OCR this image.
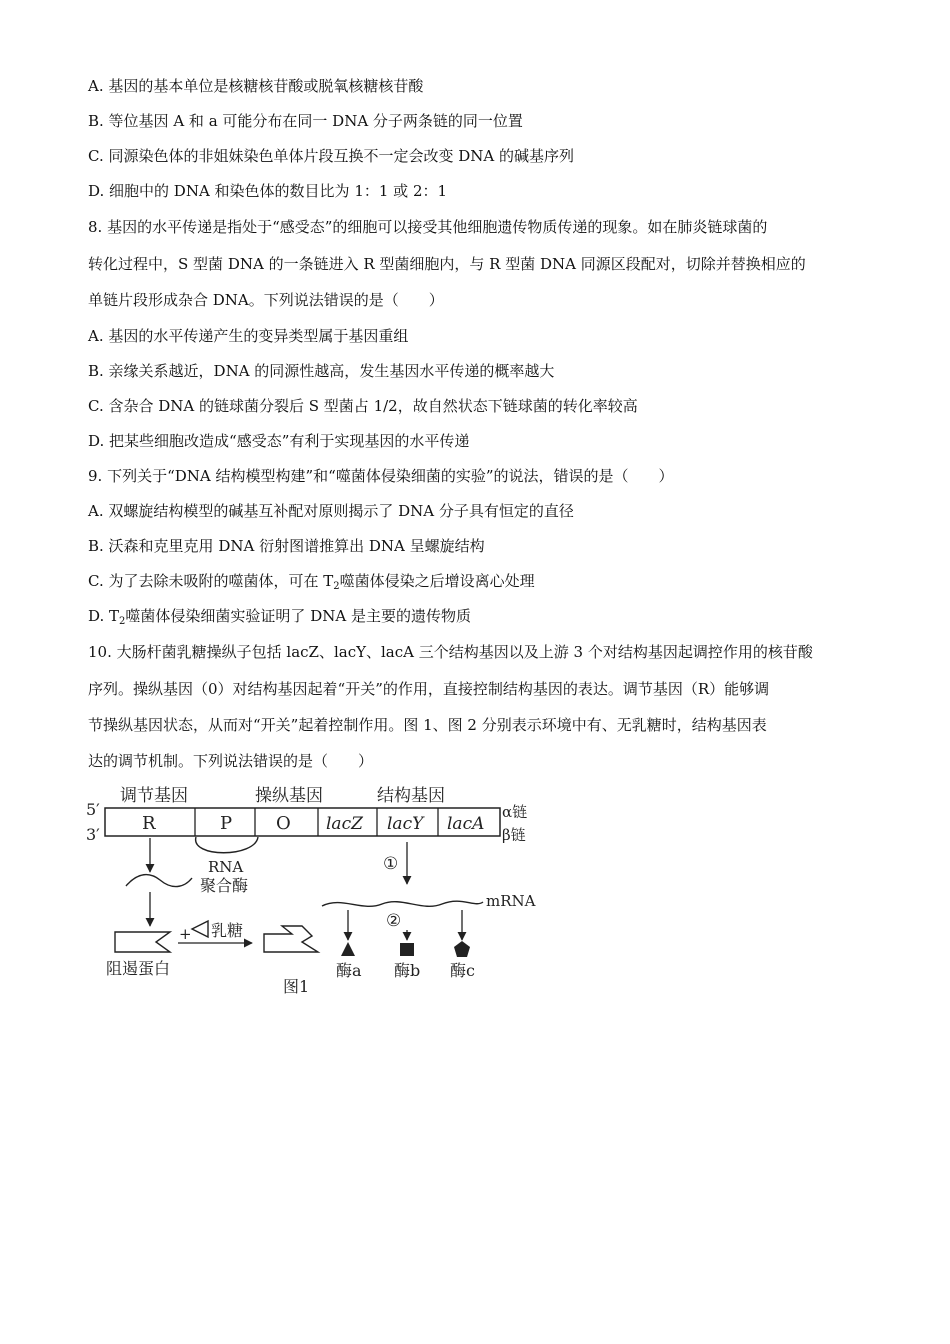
A. 基因的基本单位是核糖核苷酸或脱氧核糖核苷酸
B. 等位基因 A 和 a 可能分布在同一 DNA 分子两条链的同一位置
C. 同源染色体的非姐妹染色单体片段互换不一定会改变 DNA 的碱基序列
D. 细胞中的 DNA 和染色体的数目比为 1：1 或 2：1
8. 基因的水平传递是指处于“感受态”的细胞可以接受其他细胞遗传物质传递的现象。如在肺炎链球菌的
转化过程中，S 型菌 DNA 的一条链进入 R 型菌细胞内，与 R 型菌 DNA 同源区段配对，切除并替换相应的
单链片段形成杂合 DNA。下列说法错误的是（　　）
A. 基因的水平传递产生的变异类型属于基因重组
B. 亲缘关系越近，DNA 的同源性越高，发生基因水平传递的概率越大
C. 含杂合 DNA 的链球菌分裂后 S 型菌占 1/2，故自然状态下链球菌的转化率较高
D. 把某些细胞改造成“感受态”有利于实现基因的水平传递
9. 下列关于“DNA 结构模型构建”和“噬菌体侵染细菌的实验”的说法，错误的是（　　）
A. 双螺旋结构模型的碱基互补配对原则揭示了 DNA 分子具有恒定的直径
B. 沃森和克里克用 DNA 衍射图谱推算出 DNA 呈螺旋结构
C. 为了去除未吸附的噬菌体，可在 $T_2$噬菌体侵染之后增设离心处理
D. $T_2$噬菌体侵染细菌实验证明了 DNA 是主要的遗传物质
10. 大肠杆菌乳糖操纵子包括 lacZ、lacY、lacA 三个结构基因以及上游 3 个对结构基因起调控作用的核苷酸
序列。操纵基因（0）对结构基因起着“开关”的作用，直接控制结构基因的表达。调节基因（R）能够调
节操纵基因状态，从而对“开关”起着控制作用。图 1、图 2 分别表示环境中有、无乳糖时，结构基因表
达的调节机制。下列说法错误的是（　　）
调节基因	操纵基因	结构基因
5′
3′
α链
β链
R	P O lacZ lacY lacA
RNA
聚合酶
阻遏蛋白
+ 乳糖
①
mRNA
②
酶a 酶b 酶c
图1
